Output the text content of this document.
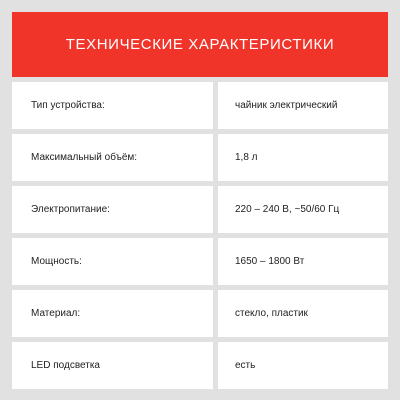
ТЕХНИЧЕСКИЕ ХАРАКТЕРИСТИКИ
Тип устройства:	чайник электрический
Максимальный объём:	1,8 л
Электропитание:	220 – 240 В, ~50/60 Гц
Мощность:	1650 – 1800 Вт
Материал:	стекло, пластик
LED подсветка	есть
